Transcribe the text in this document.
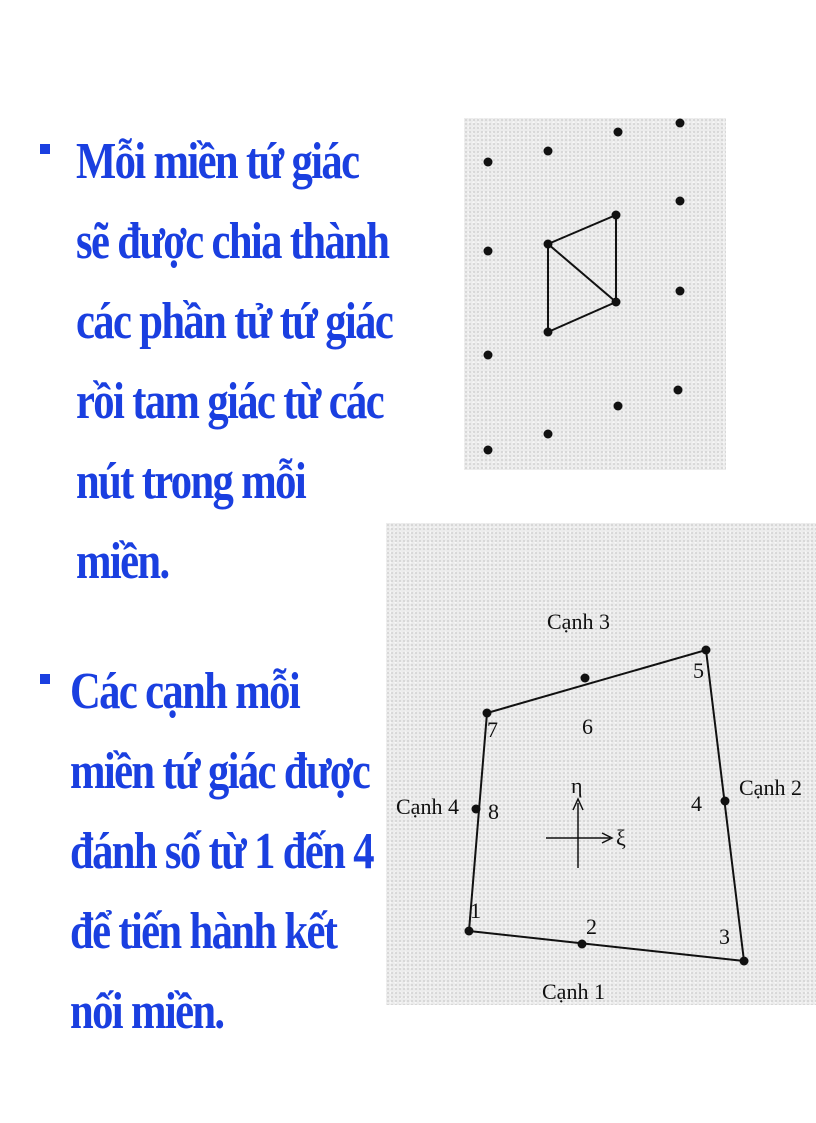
Mỗi miền tứ giác
sẽ được chia thành
các phần tử tứ giác
rồi tam giác từ các
nút trong mỗi
miền.
Các cạnh mỗi
miền tứ giác được
đánh số từ 1 đến 4
để tiến hành kết
nối miền.
ξ
η
1
2	3
4
5
6
7
8
Cạnh 3
Cạnh 2
Cạnh 4
Cạnh 1
